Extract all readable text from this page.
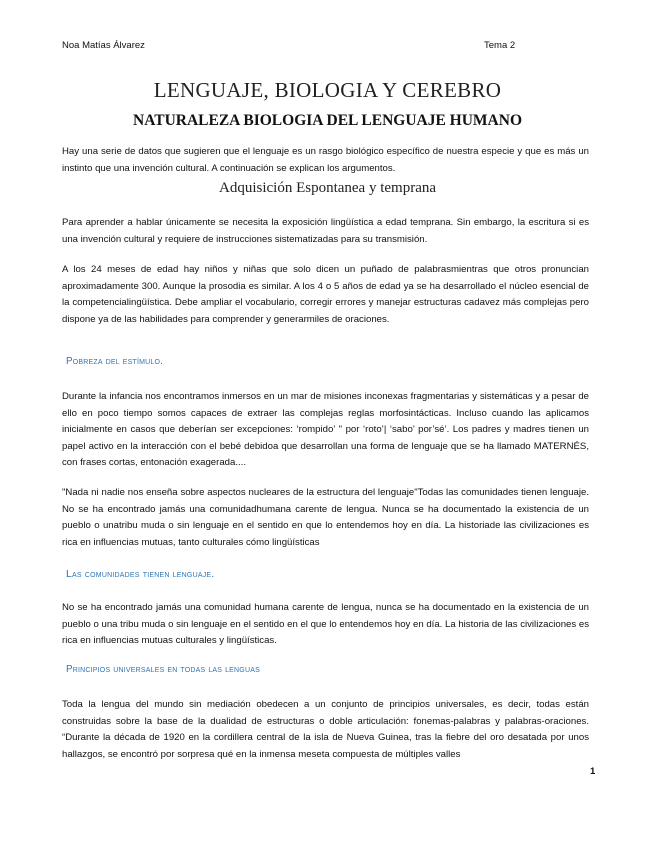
Noa Matías Álvarez	Tema 2
LENGUAJE, BIOLOGIA Y CEREBRO
NATURALEZA BIOLOGIA DEL LENGUAJE HUMANO

Hay una serie de datos que sugieren que el lenguaje es un rasgo biológico específico de nuestra especie y que es más un instinto que una invención cultural. A continuación se explican los argumentos.

Adquisición Espontanea y temprana

Para aprender a hablar únicamente se necesita la exposición lingüística a edad temprana. Sin embargo, la escritura si es una invención cultural y requiere de instrucciones sistematizadas para su transmisión.

A los 24 meses de edad hay niños y niñas que solo dicen un puñado de palabrasmientras que otros pronuncian aproximadamente 300. Aunque la prosodia es similar. A los 4 o 5 años de edad ya se ha desarrollado el núcleo esencial de la competencialingüística. Debe ampliar el vocabulario, corregir errores y manejar estructuras cadavez más complejas pero dispone ya de las habilidades para comprender y generarmiles de oraciones.

Pobreza del estímulo.

Durante la infancia nos encontramos inmersos en un mar de misiones inconexas fragmentarias y sistemáticas y a pesar de ello en poco tiempo somos capaces de extraer las complejas reglas morfosintácticas. Incluso cuando las aplicamos inicialmente en casos que deberían ser excepciones: ‘rompido’ " por ‘roto’| ‘sabo’ por’sé’. Los padres y madres tienen un papel activo en la interacción con el bebé debidoa que desarrollan una forma de lenguaje que se ha llamado MATERNÉS, con frases cortas, entonación exagerada....

"Nada ni nadie nos enseña sobre aspectos nucleares de la estructura del lenguaje"Todas las comunidades tienen lenguaje. No se ha encontrado jamás una comunidadhumana carente de lengua. Nunca se ha documentado la existencia de un pueblo o unatribu muda o sin lenguaje en el sentido en que lo entendemos hoy en día. La historiade las civilizaciones es rica en influencias mutuas, tanto culturales cómo lingüísticas

Las comunidades tienen lenguaje.

No se ha encontrado jamás una comunidad humana carente de lengua, nunca se ha documentado en la existencia de un pueblo o una tribu muda o sin lenguaje en el sentido en el que lo entendemos hoy en día. La historia de las civilizaciones es rica en influencias mutuas culturales y lingüísticas.

Principios universales en todas las lenguas

Toda la lengua del mundo sin mediación obedecen a un conjunto de principios universales, es decir, todas están construidas sobre la base de la dualidad de estructuras o doble articulación: fonemas-palabras y palabras-oraciones. “Durante la década de 1920 en la cordillera central de la isla de Nueva Guinea, tras la fiebre del oro desatada por unos hallazgos, se encontró por sorpresa qué en la inmensa meseta compuesta de múltiples valles

1
